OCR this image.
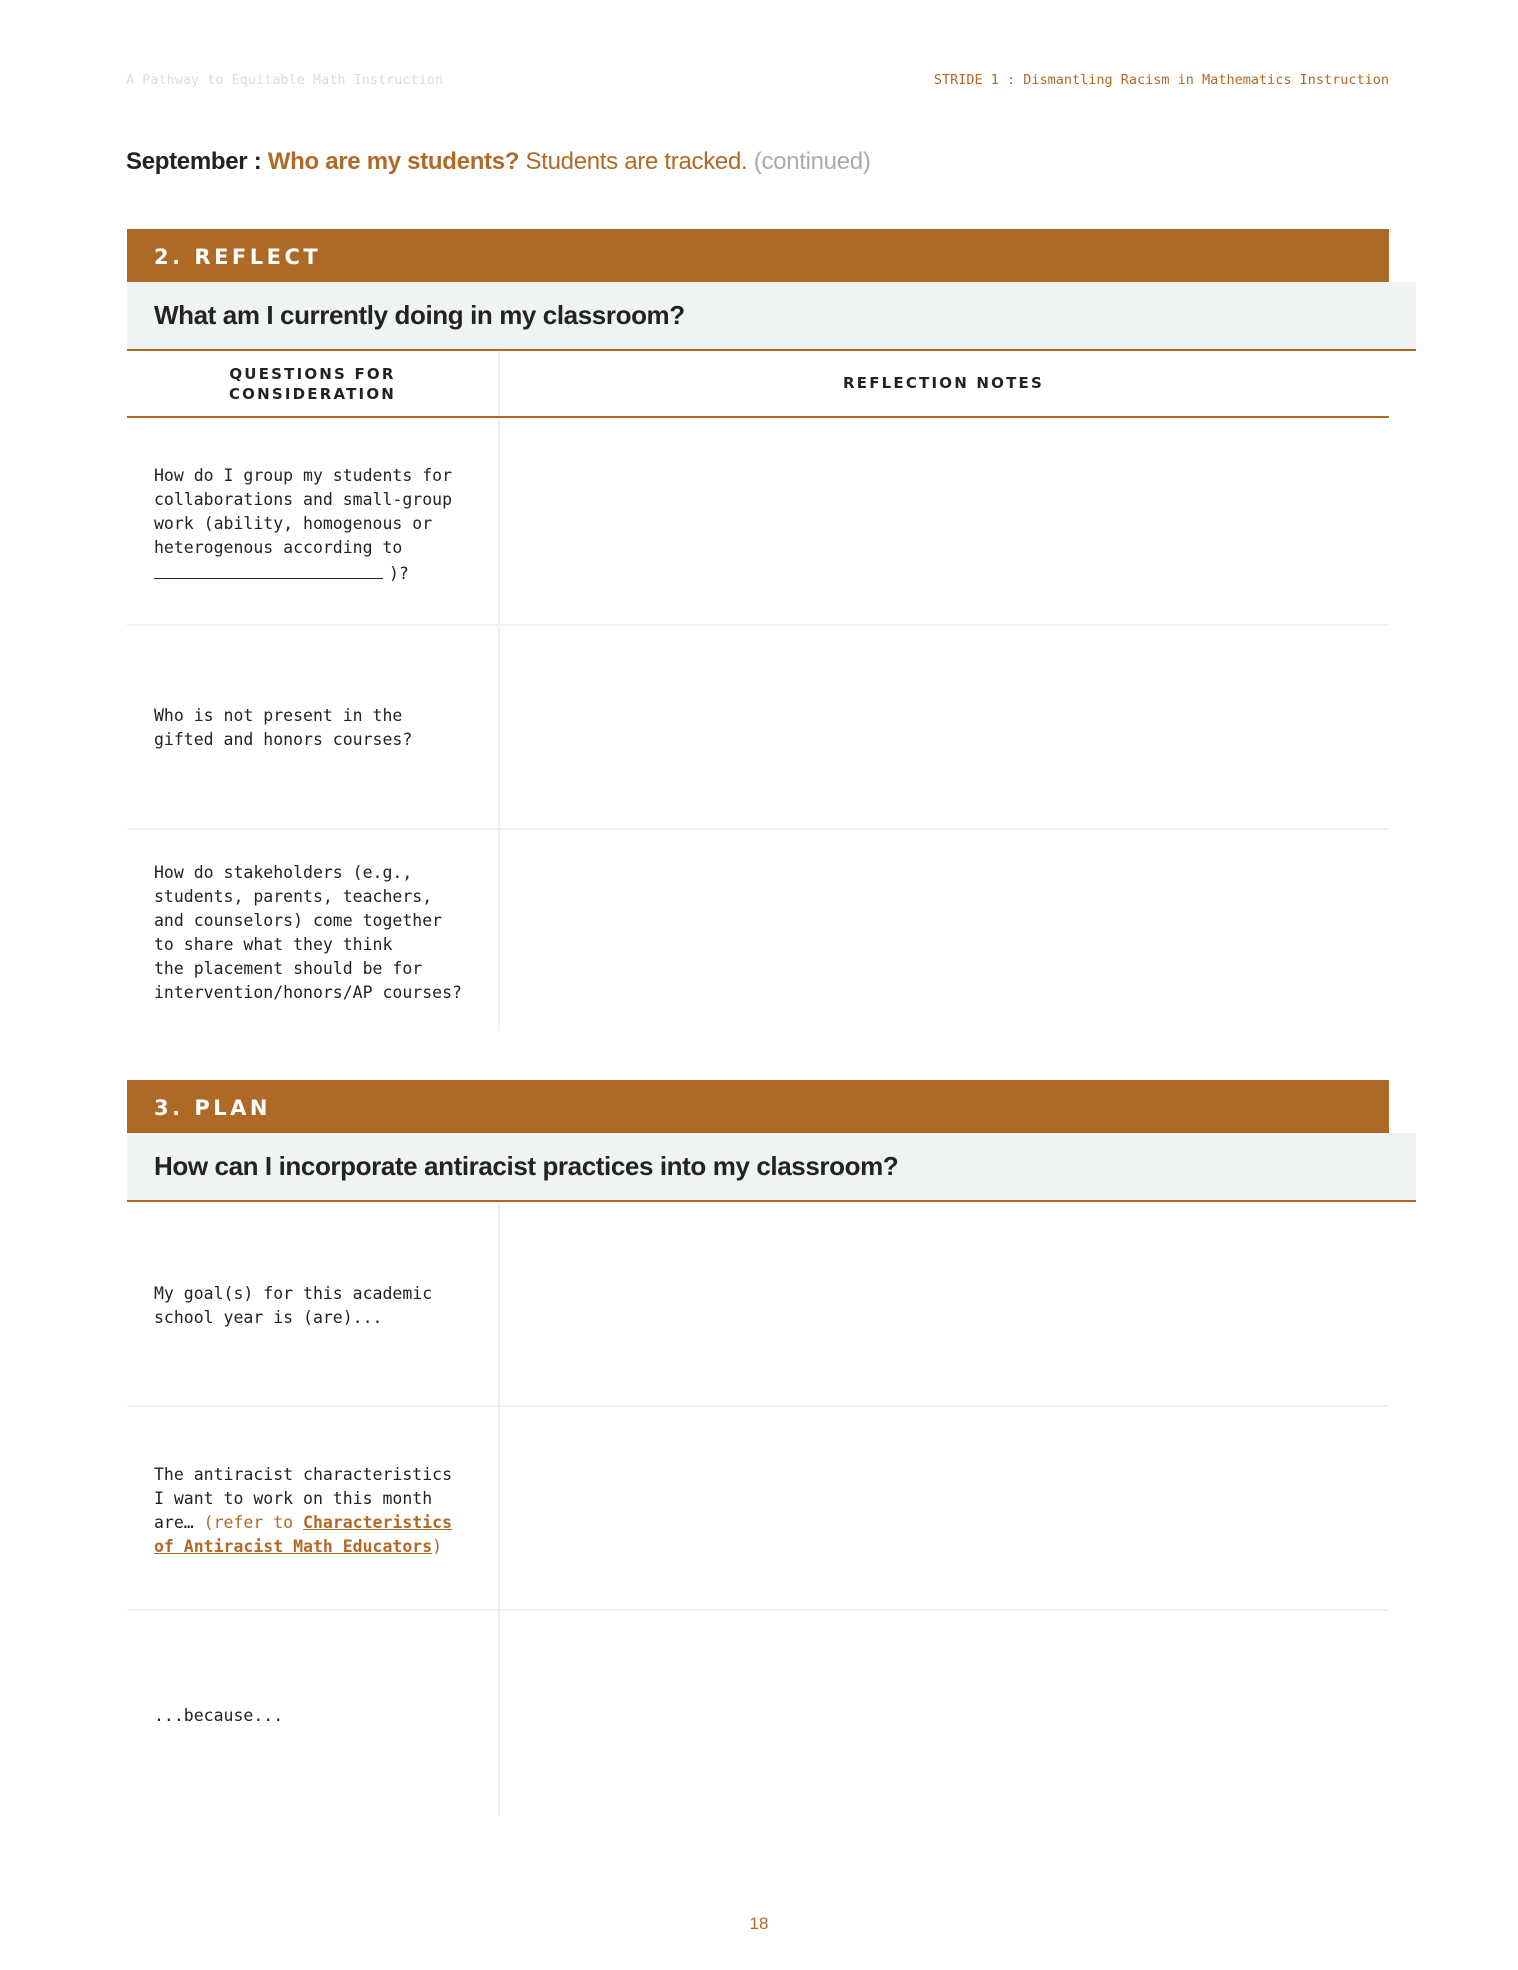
A Pathway to Equitable Math Instruction	STRIDE 1 : Dismantling Racism in Mathematics Instruction
September : Who are my students? Students are tracked. (continued)
2. REFLECT
What am I currently doing in my classroom?
QUESTIONS FOR
CONSIDERATION
REFLECTION NOTES
How do I group my students for
collaborations and small-group
work (ability, homogenous or
heterogenous according to
)?
Who is not present in the
gifted and honors courses?
How do stakeholders (e.g.,
students, parents, teachers,
and counselors) come together
to share what they think
the placement should be for
intervention/honors/AP courses?
3. PLAN
How can I incorporate antiracist practices into my classroom?
My goal(s) for this academic
school year is (are)...
The antiracist characteristics
I want to work on this month
are… (refer to Characteristics
of Antiracist Math Educators)
...because...
18
